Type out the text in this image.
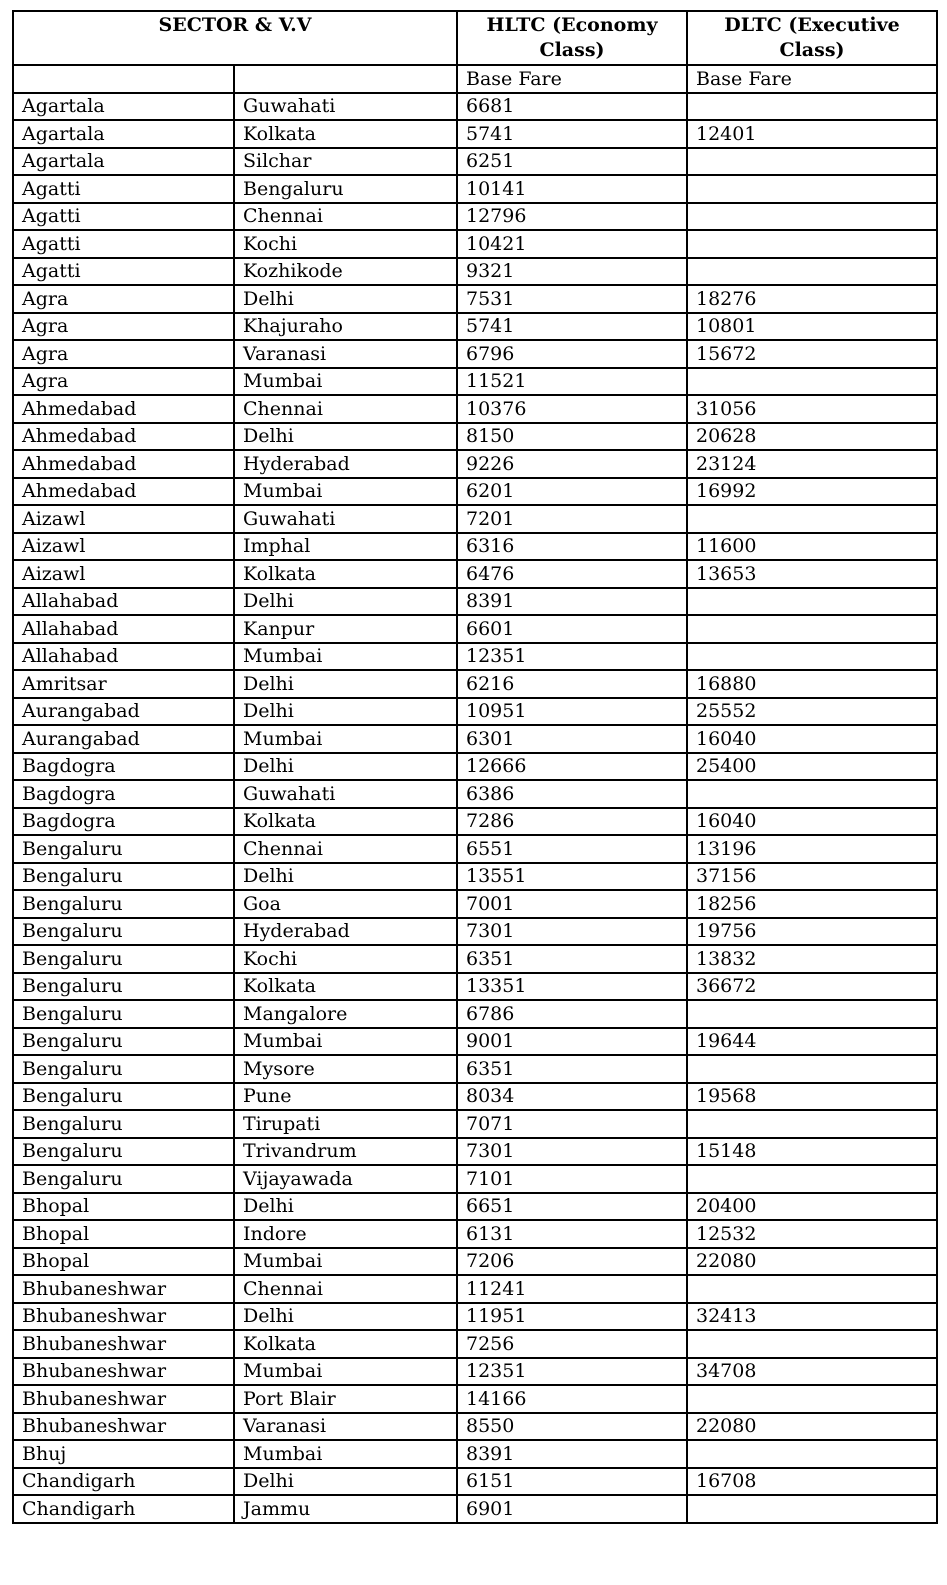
SECTOR & V.V		HLTC (Economy Class)	DLTC (Executive Class)
		Base Fare	Base Fare
Agartala	Guwahati	6681	
Agartala	Kolkata	5741	12401
Agartala	Silchar	6251	
Agatti	Bengaluru	10141	
Agatti	Chennai	12796	
Agatti	Kochi	10421	
Agatti	Kozhikode	9321	
Agra	Delhi	7531	18276
Agra	Khajuraho	5741	10801
Agra	Varanasi	6796	15672
Agra	Mumbai	11521	
Ahmedabad	Chennai	10376	31056
Ahmedabad	Delhi	8150	20628
Ahmedabad	Hyderabad	9226	23124
Ahmedabad	Mumbai	6201	16992
Aizawl	Guwahati	7201	
Aizawl	Imphal	6316	11600
Aizawl	Kolkata	6476	13653
Allahabad	Delhi	8391	
Allahabad	Kanpur	6601	
Allahabad	Mumbai	12351	
Amritsar	Delhi	6216	16880
Aurangabad	Delhi	10951	25552
Aurangabad	Mumbai	6301	16040
Bagdogra	Delhi	12666	25400
Bagdogra	Guwahati	6386	
Bagdogra	Kolkata	7286	16040
Bengaluru	Chennai	6551	13196
Bengaluru	Delhi	13551	37156
Bengaluru	Goa	7001	18256
Bengaluru	Hyderabad	7301	19756
Bengaluru	Kochi	6351	13832
Bengaluru	Kolkata	13351	36672
Bengaluru	Mangalore	6786	
Bengaluru	Mumbai	9001	19644
Bengaluru	Mysore	6351	
Bengaluru	Pune	8034	19568
Bengaluru	Tirupati	7071	
Bengaluru	Trivandrum	7301	15148
Bengaluru	Vijayawada	7101	
Bhopal	Delhi	6651	20400
Bhopal	Indore	6131	12532
Bhopal	Mumbai	7206	22080
Bhubaneshwar	Chennai	11241	
Bhubaneshwar	Delhi	11951	32413
Bhubaneshwar	Kolkata	7256	
Bhubaneshwar	Mumbai	12351	34708
Bhubaneshwar	Port Blair	14166	
Bhubaneshwar	Varanasi	8550	22080
Bhuj	Mumbai	8391	
Chandigarh	Delhi	6151	16708
Chandigarh	Jammu	6901	
